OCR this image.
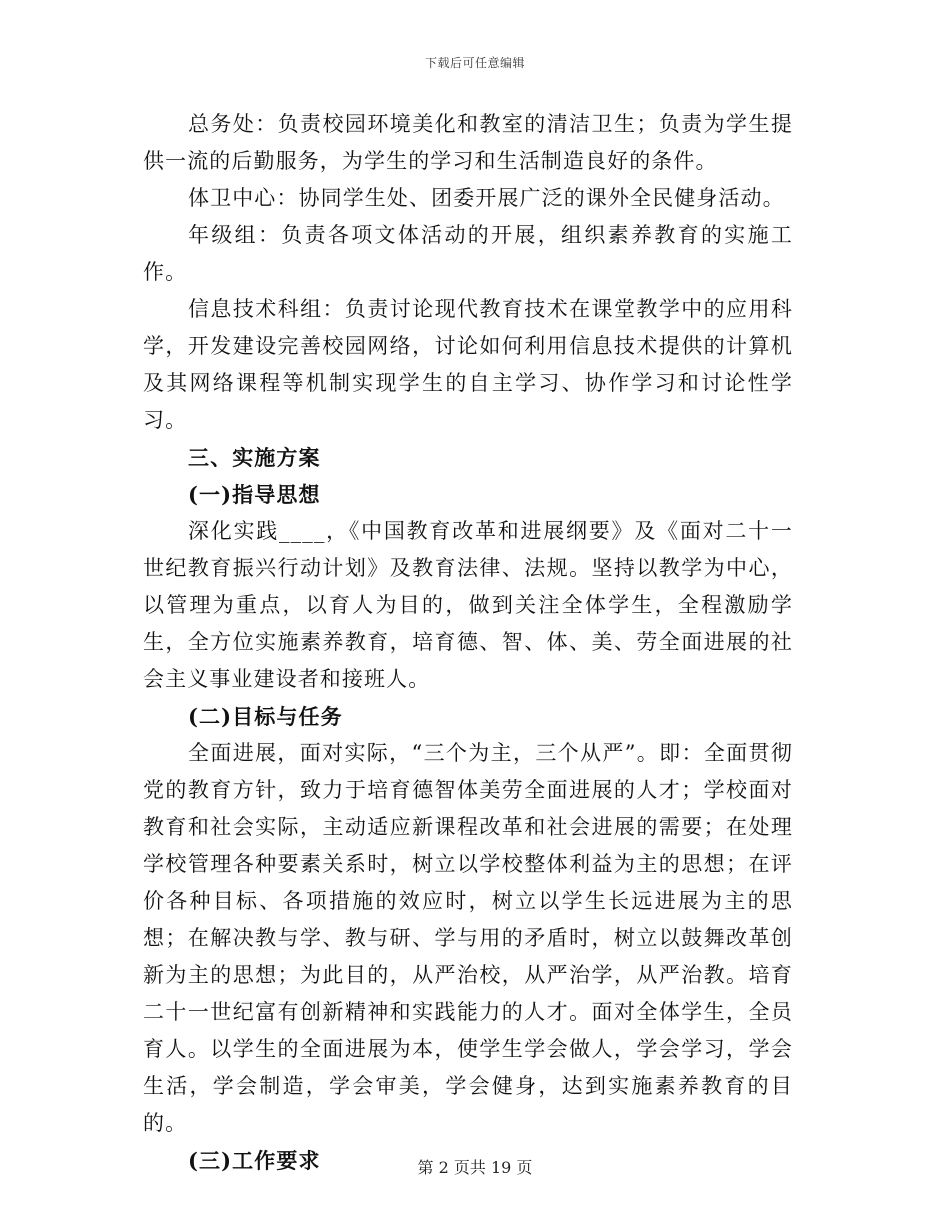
下载后可任意编辑

总务处：负责校园环境美化和教室的清洁卫生；负责为学生提供一流的后勤服务，为学生的学习和生活制造良好的条件。

体卫中心：协同学生处、团委开展广泛的课外全民健身活动。

年级组：负责各项文体活动的开展，组织素养教育的实施工作。

信息技术科组：负责讨论现代教育技术在课堂教学中的应用科学，开发建设完善校园网络，讨论如何利用信息技术提供的计算机及其网络课程等机制实现学生的自主学习、协作学习和讨论性学习。

三、实施方案

(一)指导思想

深化实践____，《中国教育改革和进展纲要》及《面对二十一世纪教育振兴行动计划》及教育法律、法规。坚持以教学为中心，以管理为重点，以育人为目的，做到关注全体学生，全程激励学生，全方位实施素养教育，培育德、智、体、美、劳全面进展的社会主义事业建设者和接班人。

(二)目标与任务

全面进展，面对实际，“三个为主，三个从严”。即：全面贯彻党的教育方针，致力于培育德智体美劳全面进展的人才；学校面对教育和社会实际，主动适应新课程改革和社会进展的需要；在处理学校管理各种要素关系时，树立以学校整体利益为主的思想；在评价各种目标、各项措施的效应时，树立以学生长远进展为主的思想；在解决教与学、教与研、学与用的矛盾时，树立以鼓舞改革创新为主的思想；为此目的，从严治校，从严治学，从严治教。培育二十一世纪富有创新精神和实践能力的人才。面对全体学生，全员育人。以学生的全面进展为本，使学生学会做人，学会学习，学会生活，学会制造，学会审美，学会健身，达到实施素养教育的目的。

(三)工作要求	第 2 页共 19 页
